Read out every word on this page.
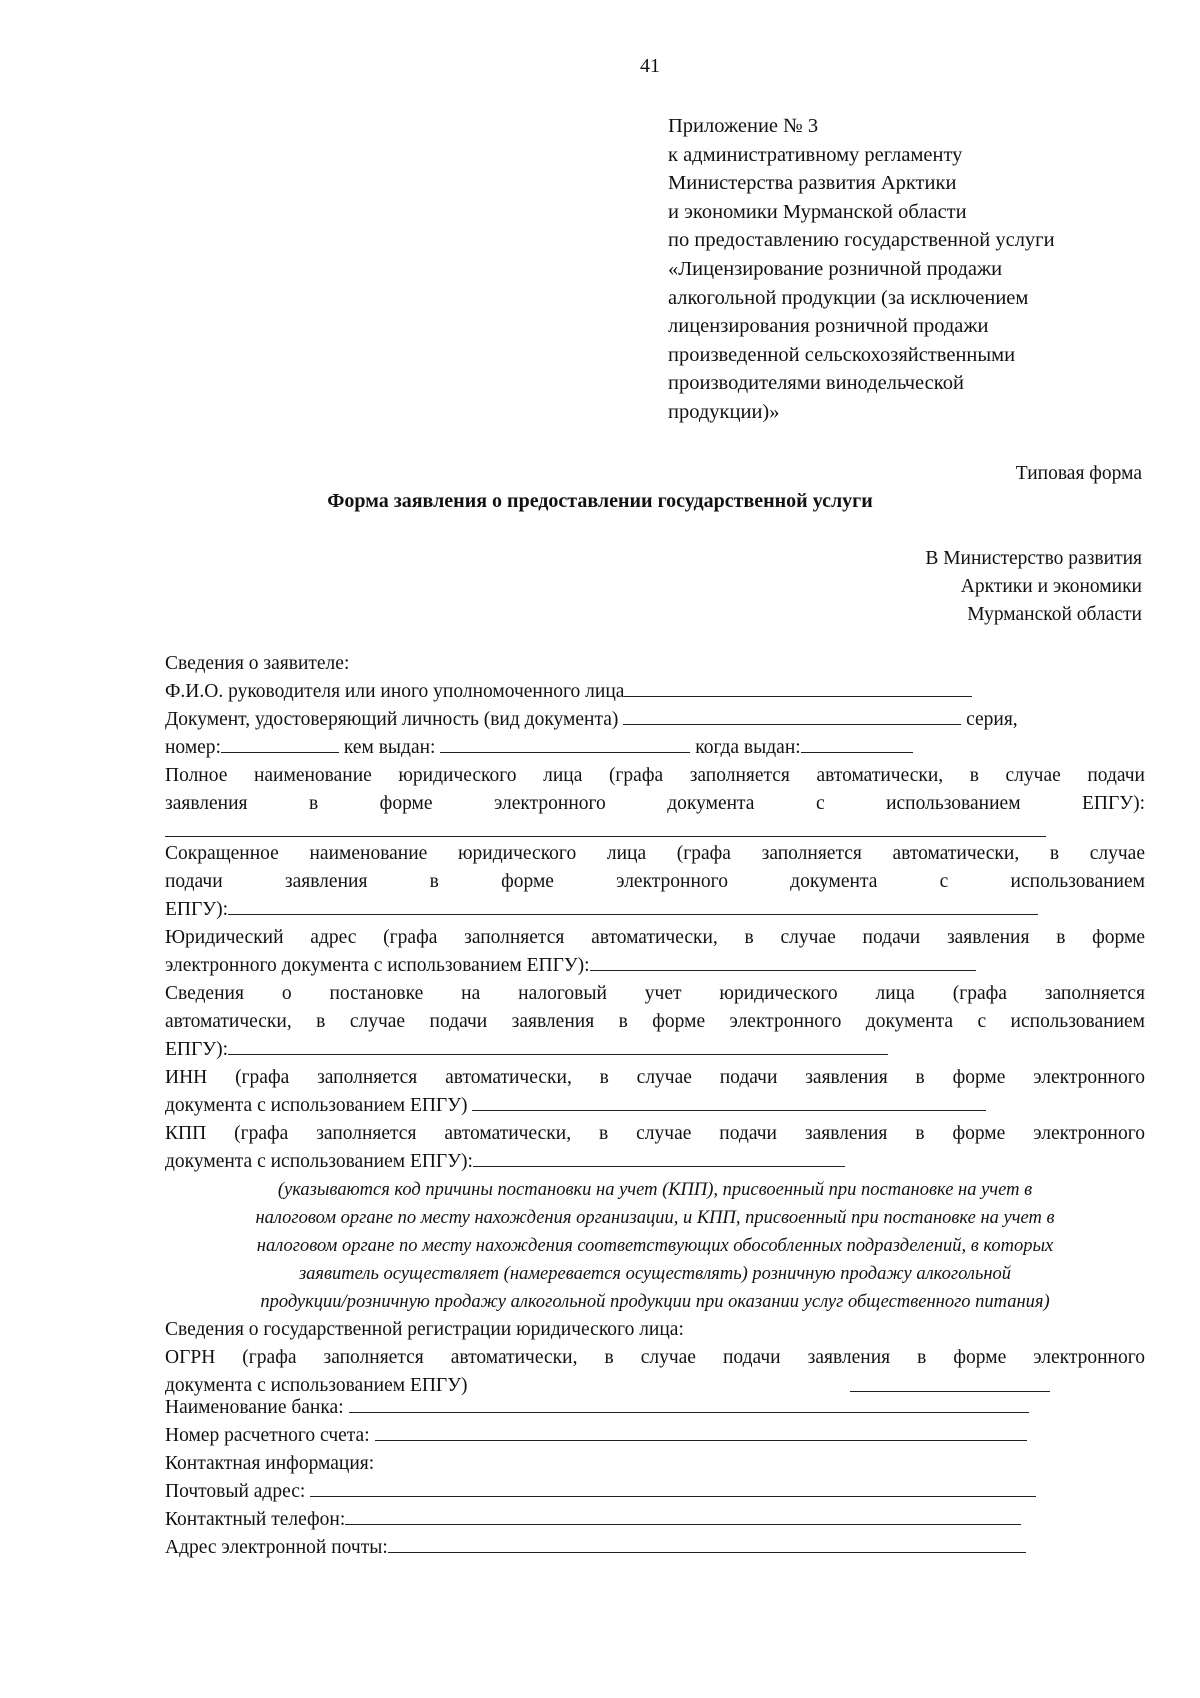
41
Приложение № 3
к административному регламенту
Министерства развития Арктики
и экономики Мурманской области
по предоставлению государственной услуги
«Лицензирование розничной продажи
алкогольной продукции (за исключением
лицензирования розничной продажи
произведенной сельскохозяйственными
производителями винодельческой
продукции)»
Типовая форма
Форма заявления о предоставлении государственной услуги
В Министерство развития
Арктики и экономики
Мурманской области
Сведения о заявителе:
Ф.И.О. руководителя или иного уполномоченного лица
Документ, удостоверяющий личность (вид документа)	серия,
номер:	кем выдан:	когда выдан:
Полное наименование юридического лица (графа заполняется автоматически, в случае подачи
заявления в форме электронного документа с использованием ЕПГУ):
Сокращенное наименование юридического лица (графа заполняется автоматически, в случае
подачи заявления в форме электронного документа с использованием
ЕПГУ):
Юридический адрес (графа заполняется автоматически, в случае подачи заявления в форме
электронного документа с использованием ЕПГУ):
Сведения о постановке на налоговый учет юридического лица (графа заполняется
автоматически, в случае подачи заявления в форме электронного документа с использованием
ЕПГУ):
ИНН (графа заполняется автоматически, в случае подачи заявления в форме электронного
документа с использованием ЕПГУ)
КПП (графа заполняется автоматически, в случае подачи заявления в форме электронного
документа с использованием ЕПГУ):
(указываются код причины постановки на учет (КПП), присвоенный при постановке на учет в
налоговом органе по месту нахождения организации, и КПП, присвоенный при постановке на учет в
налоговом органе по месту нахождения соответствующих обособленных подразделений, в которых
заявитель осуществляет (намеревается осуществлять) розничную продажу алкогольной
продукции/розничную продажу алкогольной продукции при оказании услуг общественного питания)
Сведения о государственной регистрации юридического лица:
ОГРН (графа заполняется автоматически, в случае подачи заявления в форме электронного
документа с использованием ЕПГУ)
Наименование банка:
Номер расчетного счета:
Контактная информация:
Почтовый адрес:
Контактный телефон:
Адрес электронной почты:
